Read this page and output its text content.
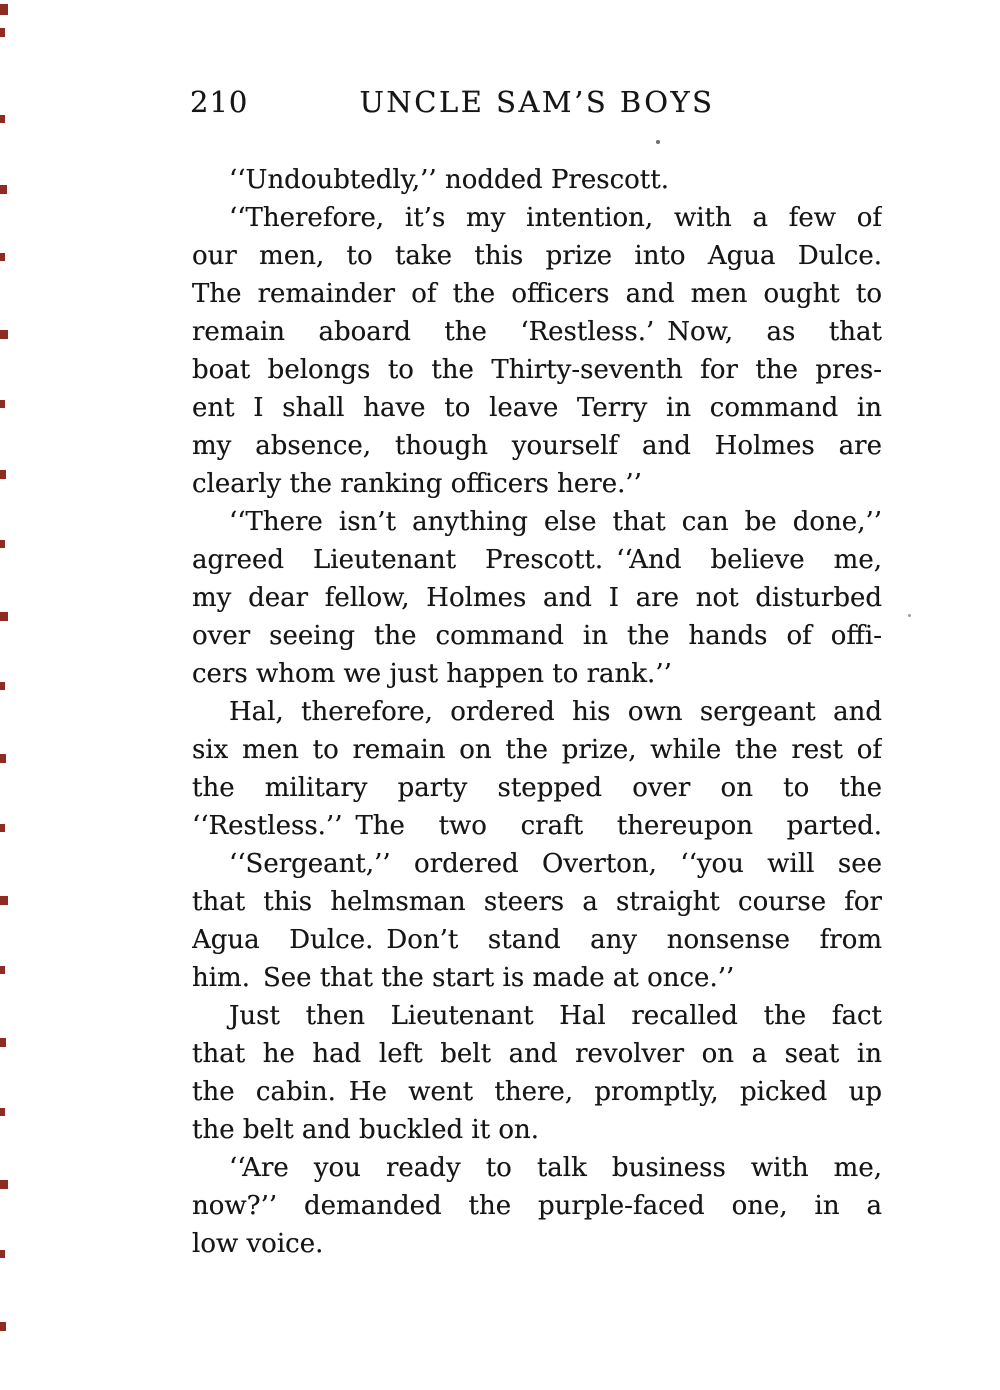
210	UNCLE SAM’S BOYS

‘‘Undoubtedly,’’ nodded Prescott.

‘‘Therefore, it’s my intention, with a few of
our men, to take this prize into Agua Dulce.
The remainder of the officers and men ought to
remain aboard the ‘Restless.’ Now, as that
boat belongs to the Thirty-seventh for the pres-
ent I shall have to leave Terry in command in
my absence, though yourself and Holmes are
clearly the ranking officers here.’’

‘‘There isn’t anything else that can be done,’’
agreed Lieutenant Prescott. ‘‘And believe me,
my dear fellow, Holmes and I are not disturbed
over seeing the command in the hands of offi-
cers whom we just happen to rank.’’

Hal, therefore, ordered his own sergeant and
six men to remain on the prize, while the rest of
the military party stepped over on to the
‘‘Restless.’’ The two craft thereupon parted.

‘‘Sergeant,’’ ordered Overton, ‘‘you will see
that this helmsman steers a straight course for
Agua Dulce. Don’t stand any nonsense from
him. See that the start is made at once.’’

Just then Lieutenant Hal recalled the fact
that he had left belt and revolver on a seat in
the cabin. He went there, promptly, picked up
the belt and buckled it on.

‘‘Are you ready to talk business with me,
now?’’ demanded the purple-faced one, in a
low voice.
